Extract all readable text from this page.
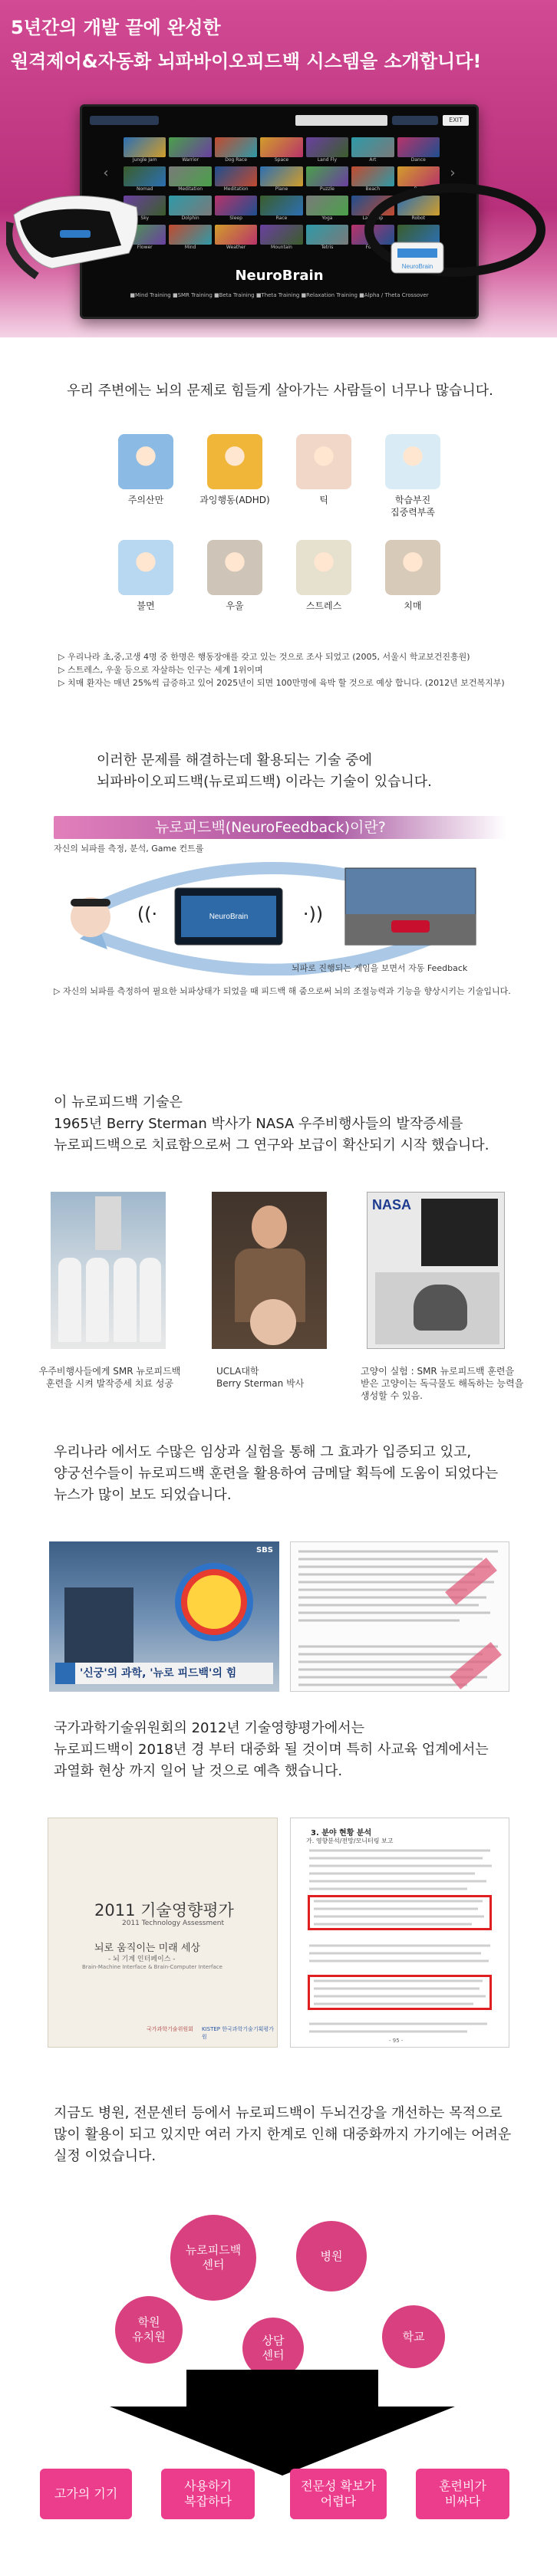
5년간의 개발 끝에 완성한
원격제어&자동화 뇌파바이오피드백 시스템을 소개합니다!
EXIT
‹	›
Jungle Jam	Warrior	Dog Race	Space	Land Fly	Art	Dance
Nomad	Meditation	Meditation	Plane	Puzzle	Beach	Bus
Sky	Dolphin	Sleep	Race	Yoga	Lake Trip	Robot
Flower	Mind	Weather	Mountain	Tetris	Forest
NeuroBrain
■Mind Training ■SMR Training ■Beta Training ■Theta Training ■Relaxation Training ■Alpha / Theta Crossover
NeuroBrain
우리 주변에는 뇌의 문제로 힘들게 살아가는 사람들이 너무나 많습니다.
주의산만	과잉행동(ADHD)	틱	학습부진
집중력부족
불면	우울	스트레스	치매
▷ 우리나라 초,중,고생 4명 중 한명은 행동장애를 갖고 있는 것으로 조사 되었고 (2005, 서울시 학교보건진흥원)
▷ 스트레스, 우울 등으로 자살하는 인구는 세계 1위이며
▷ 치매 환자는 매년 25%씩 급증하고 있어 2025년이 되면 100만명에 육박 할 것으로 예상 합니다. (2012년 보건복지부)
이러한 문제를 해결하는데 활용되는 기술 중에
뇌파바이오피드백(뉴로피드백) 이라는 기술이 있습니다.
뉴로피드백(NeuroFeedback)이란?
자신의 뇌파를 측정, 분석, Game 컨트롤
NeuroBrain
((·	·))
뇌파로 진행되는 게임을 보면서 자동 Feedback
▷ 자신의 뇌파를 측정하여 필요한 뇌파상태가 되었을 때 피드백 해 줌으로써 뇌의 조절능력과 기능을 향상시키는 기술입니다.
이 뉴로피드백 기술은
1965년 Berry Sterman 박사가 NASA 우주비행사들의 발작증세를
뉴로피드백으로 치료함으로써 그 연구와 보급이 확산되기 시작 했습니다.
NASA
우주비행사들에게 SMR 뉴로피드백
훈련을 시켜 발작증세 치료 성공
UCLA대학
Berry Sterman 박사
고양이 실험 : SMR 뉴로피드백 훈련을
받은 고양이는 독극물도 해독하는 능력을
생성할 수 있음.
우리나라 에서도 수많은 임상과 실험을 통해 그 효과가 입증되고 있고,
양궁선수들이 뉴로피드백 훈련을 활용하여 금메달 획득에 도움이 되었다는
뉴스가 많이 보도 되었습니다.
SBS
'신궁'의 과학, '뉴로 피드백'의 힘
국가과학기술위원회의 2012년 기술영향평가에서는
뉴로피드백이 2018년 경 부터 대중화 될 것이며 특히 사교육 업계에서는
과열화 현상 까지 일어 날 것으로 예측 했습니다.
2011 기술영향평가
2011 Technology Assessment
뇌로 움직이는 미래 세상
- 뇌 기계 인터페이스 -
Brain-Machine Interface & Brain-Computer Interface
국가과학기술위원회 KISTEP 한국과학기술기획평가원
3. 분야 현황 분석
가. 영향분석/전망/모니터링 보고
- 95 -
지금도 병원, 전문센터 등에서 뉴로피드백이 두뇌건강을 개선하는 목적으로
많이 활용이 되고 있지만 여러 가지 한계로 인해 대중화까지 가기에는 어려운
실정 이었습니다.
뉴로피드백
센터
병원
학원
유치원	상담
센터
학교
고가의 기기
사용하기
복잡하다
전문성 확보가
어렵다
훈련비가
비싸다
